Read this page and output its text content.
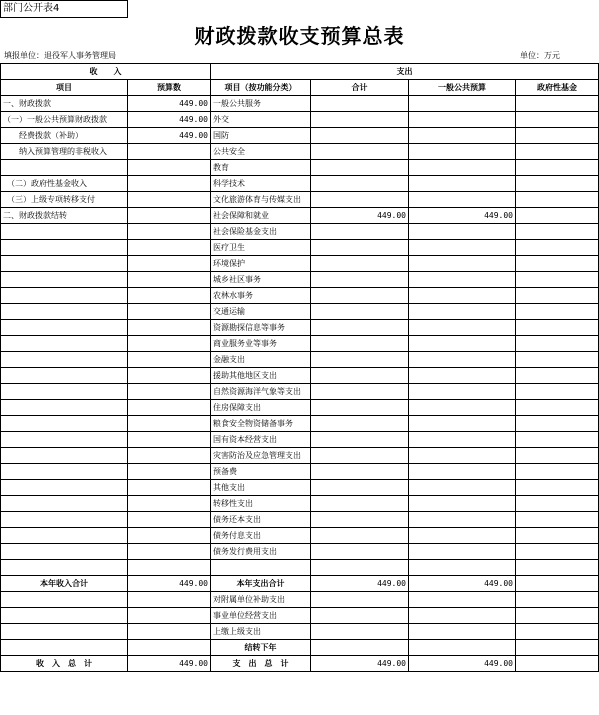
部门公开表4
财政拨款收支预算总表
填报单位：退役军人事务管理局	单位：万元
收　　入		支出			
项目	预算数	项目（按功能分类）	合计	一般公共预算	政府性基金
一、财政拨款	449.00	一般公共服务			
（一）一般公共预算财政拨款	449.00	外交			
　　经费拨款（补助）	449.00	国防			
　　纳入预算管理的非税收入		公共安全			
		教育			
　（二）政府性基金收入		科学技术			
　（三）上级专项转移支付		文化旅游体育与传媒支出			
二、财政拨款结转		社会保障和就业	449.00	449.00	
		社会保险基金支出			
		医疗卫生			
		环境保护			
		城乡社区事务			
		农林水事务			
		交通运输			
		资源勘探信息等事务			
		商业服务业等事务			
		金融支出			
		援助其他地区支出			
		自然资源海洋气象等支出			
		住房保障支出			
		粮食安全物资储备事务			
		国有资本经营支出			
		灾害防治及应急管理支出			
		预备费			
		其他支出			
		转移性支出			
		债务还本支出			
		债务付息支出			
		债务发行费用支出			

本年收入合计	449.00	本年支出合计	449.00	449.00	
		对附属单位补助支出			
		事业单位经营支出			
		上缴上级支出			
		结转下年			
收　入　总　计	449.00	支　出　总　计	449.00	449.00	
